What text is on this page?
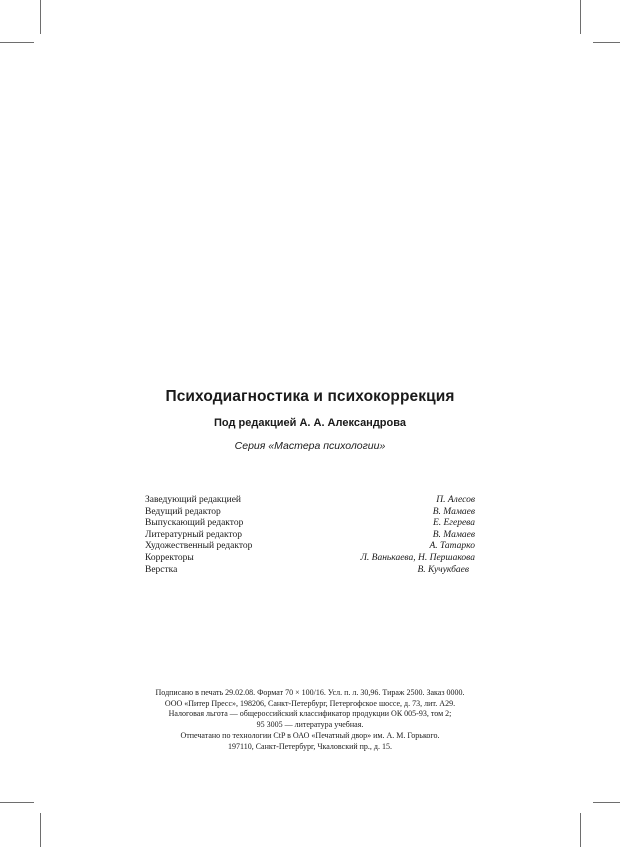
Психодиагностика и психокоррекция
Под редакцией А. А. Александрова
Серия «Мастера психологии»
Заведующий редакцией	П. Алесов
Ведущий редактор	В. Мамаев
Выпускающий редактор	Е. Егерева
Литературный редактор	В. Мамаев
Художественный редактор	А. Татарко
Корректоры	Л. Ванькаева, Н. Першакова
Верстка	В. Кучукбаев
Подписано в печать 29.02.08. Формат 70 × 100/16. Усл. п. л. 30,96. Тираж 2500. Заказ 0000.
ООО «Питер Пресс», 198206, Санкт-Петербург, Петергофское шоссе, д. 73, лит. А29.
Налоговая льгота — общероссийский классификатор продукции ОК 005-93, том 2;
95 3005 — литература учебная.
Отпечатано по технологии CtP в ОАО «Печатный двор» им. А. М. Горького.
197110, Санкт-Петербург, Чкаловский пр., д. 15.
